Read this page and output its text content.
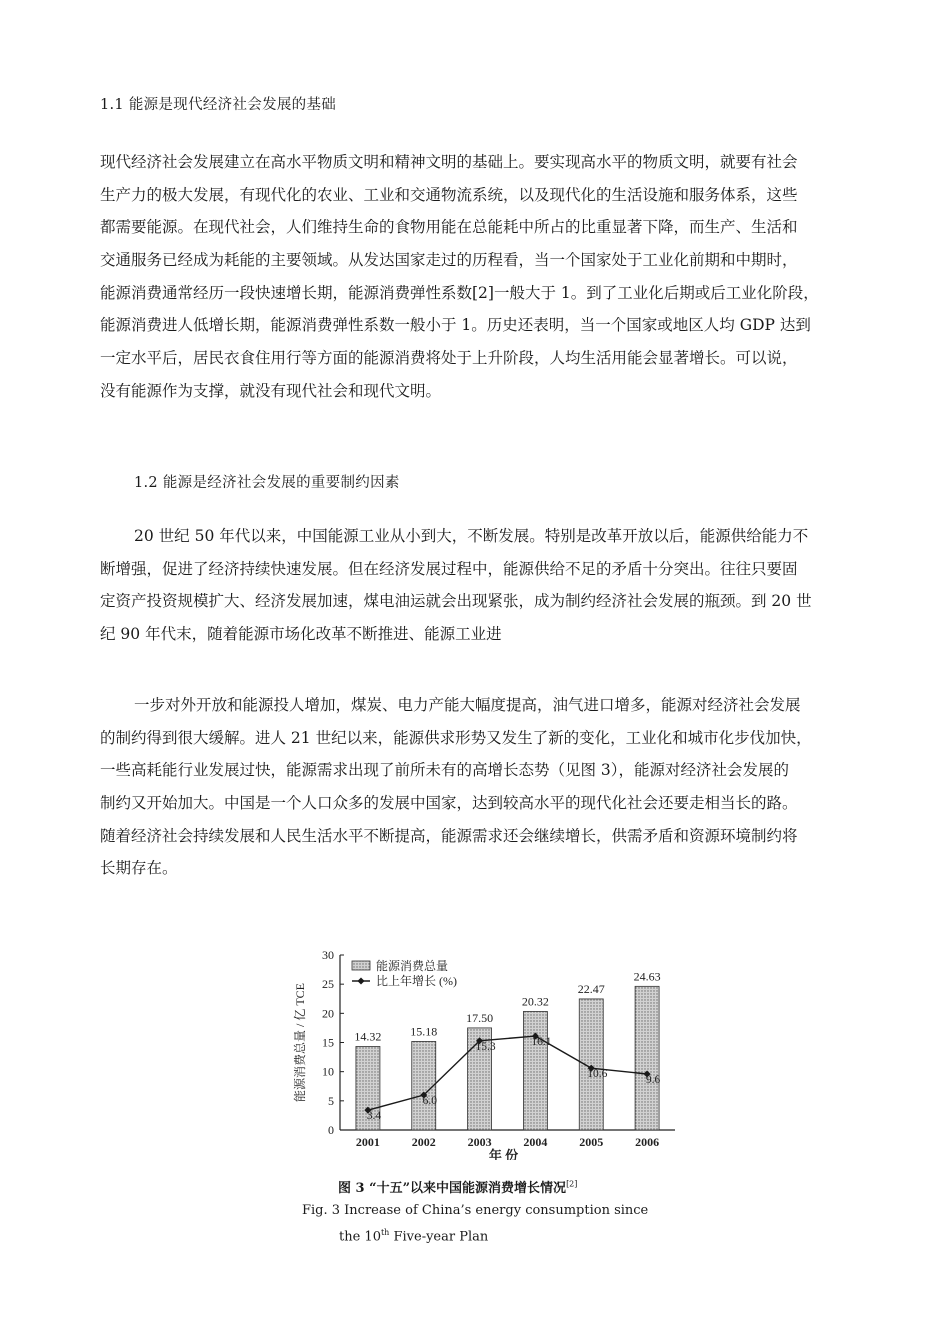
1.1 能源是现代经济社会发展的基础
现代经济社会发展建立在高水平物质文明和精神文明的基础上。要实现高水平的物质文明，就要有社会
生产力的极大发展，有现代化的农业、工业和交通物流系统，以及现代化的生活设施和服务体系，这些
都需要能源。在现代社会，人们维持生命的食物用能在总能耗中所占的比重显著下降，而生产、生活和
交通服务已经成为耗能的主要领域。从发达国家走过的历程看，当一个国家处于工业化前期和中期时，
能源消费通常经历一段快速增长期，能源消费弹性系数[2]一般大于 1。到了工业化后期或后工业化阶段，
能源消费进人低增长期，能源消费弹性系数一般小于 1。历史还表明，当一个国家或地区人均 GDP 达到
一定水平后，居民衣食住用行等方面的能源消费将处于上升阶段，人均生活用能会显著增长。可以说，
没有能源作为支撑，就没有现代社会和现代文明。
1.2 能源是经济社会发展的重要制约因素
20 世纪 50 年代以来，中国能源工业从小到大，不断发展。特别是改革开放以后，能源供给能力不
断增强，促进了经济持续快速发展。但在经济发展过程中，能源供给不足的矛盾十分突出。往往只要固
定资产投资规模扩大、经济发展加速，煤电油运就会出现紧张，成为制约经济社会发展的瓶颈。到 20 世
纪 90 年代末，随着能源市场化改革不断推进、能源工业进
一步对外开放和能源投人增加，煤炭、电力产能大幅度提高，油气进口增多，能源对经济社会发展
的制约得到很大缓解。进人 21 世纪以来，能源供求形势又发生了新的变化，工业化和城市化步伐加快，
一些高耗能行业发展过快，能源需求出现了前所未有的高增长态势（见图 3），能源对经济社会发展的
制约又开始加大。中国是一个人口众多的发展中国家，达到较高水平的现代化社会还要走相当长的路。
随着经济社会持续发展和人民生活水平不断提高，能源需求还会继续增长，供需矛盾和资源环境制约将
长期存在。
0
5
10
15
20
25
30
能源消费总量 / 亿 TCE
2001	2002	2003	2004	2005	2006
年 份
14.32 15.18
17.50
20.32
22.47
24.63
3.4
6.0
15.3	16.1
10.6	9.6
能源消费总量
比上年增长 (%)
图 3 “十五”以来中国能源消费增长情况[2]
Fig. 3 Increase of China’s energy consumption since
the 10th Five-year Plan
